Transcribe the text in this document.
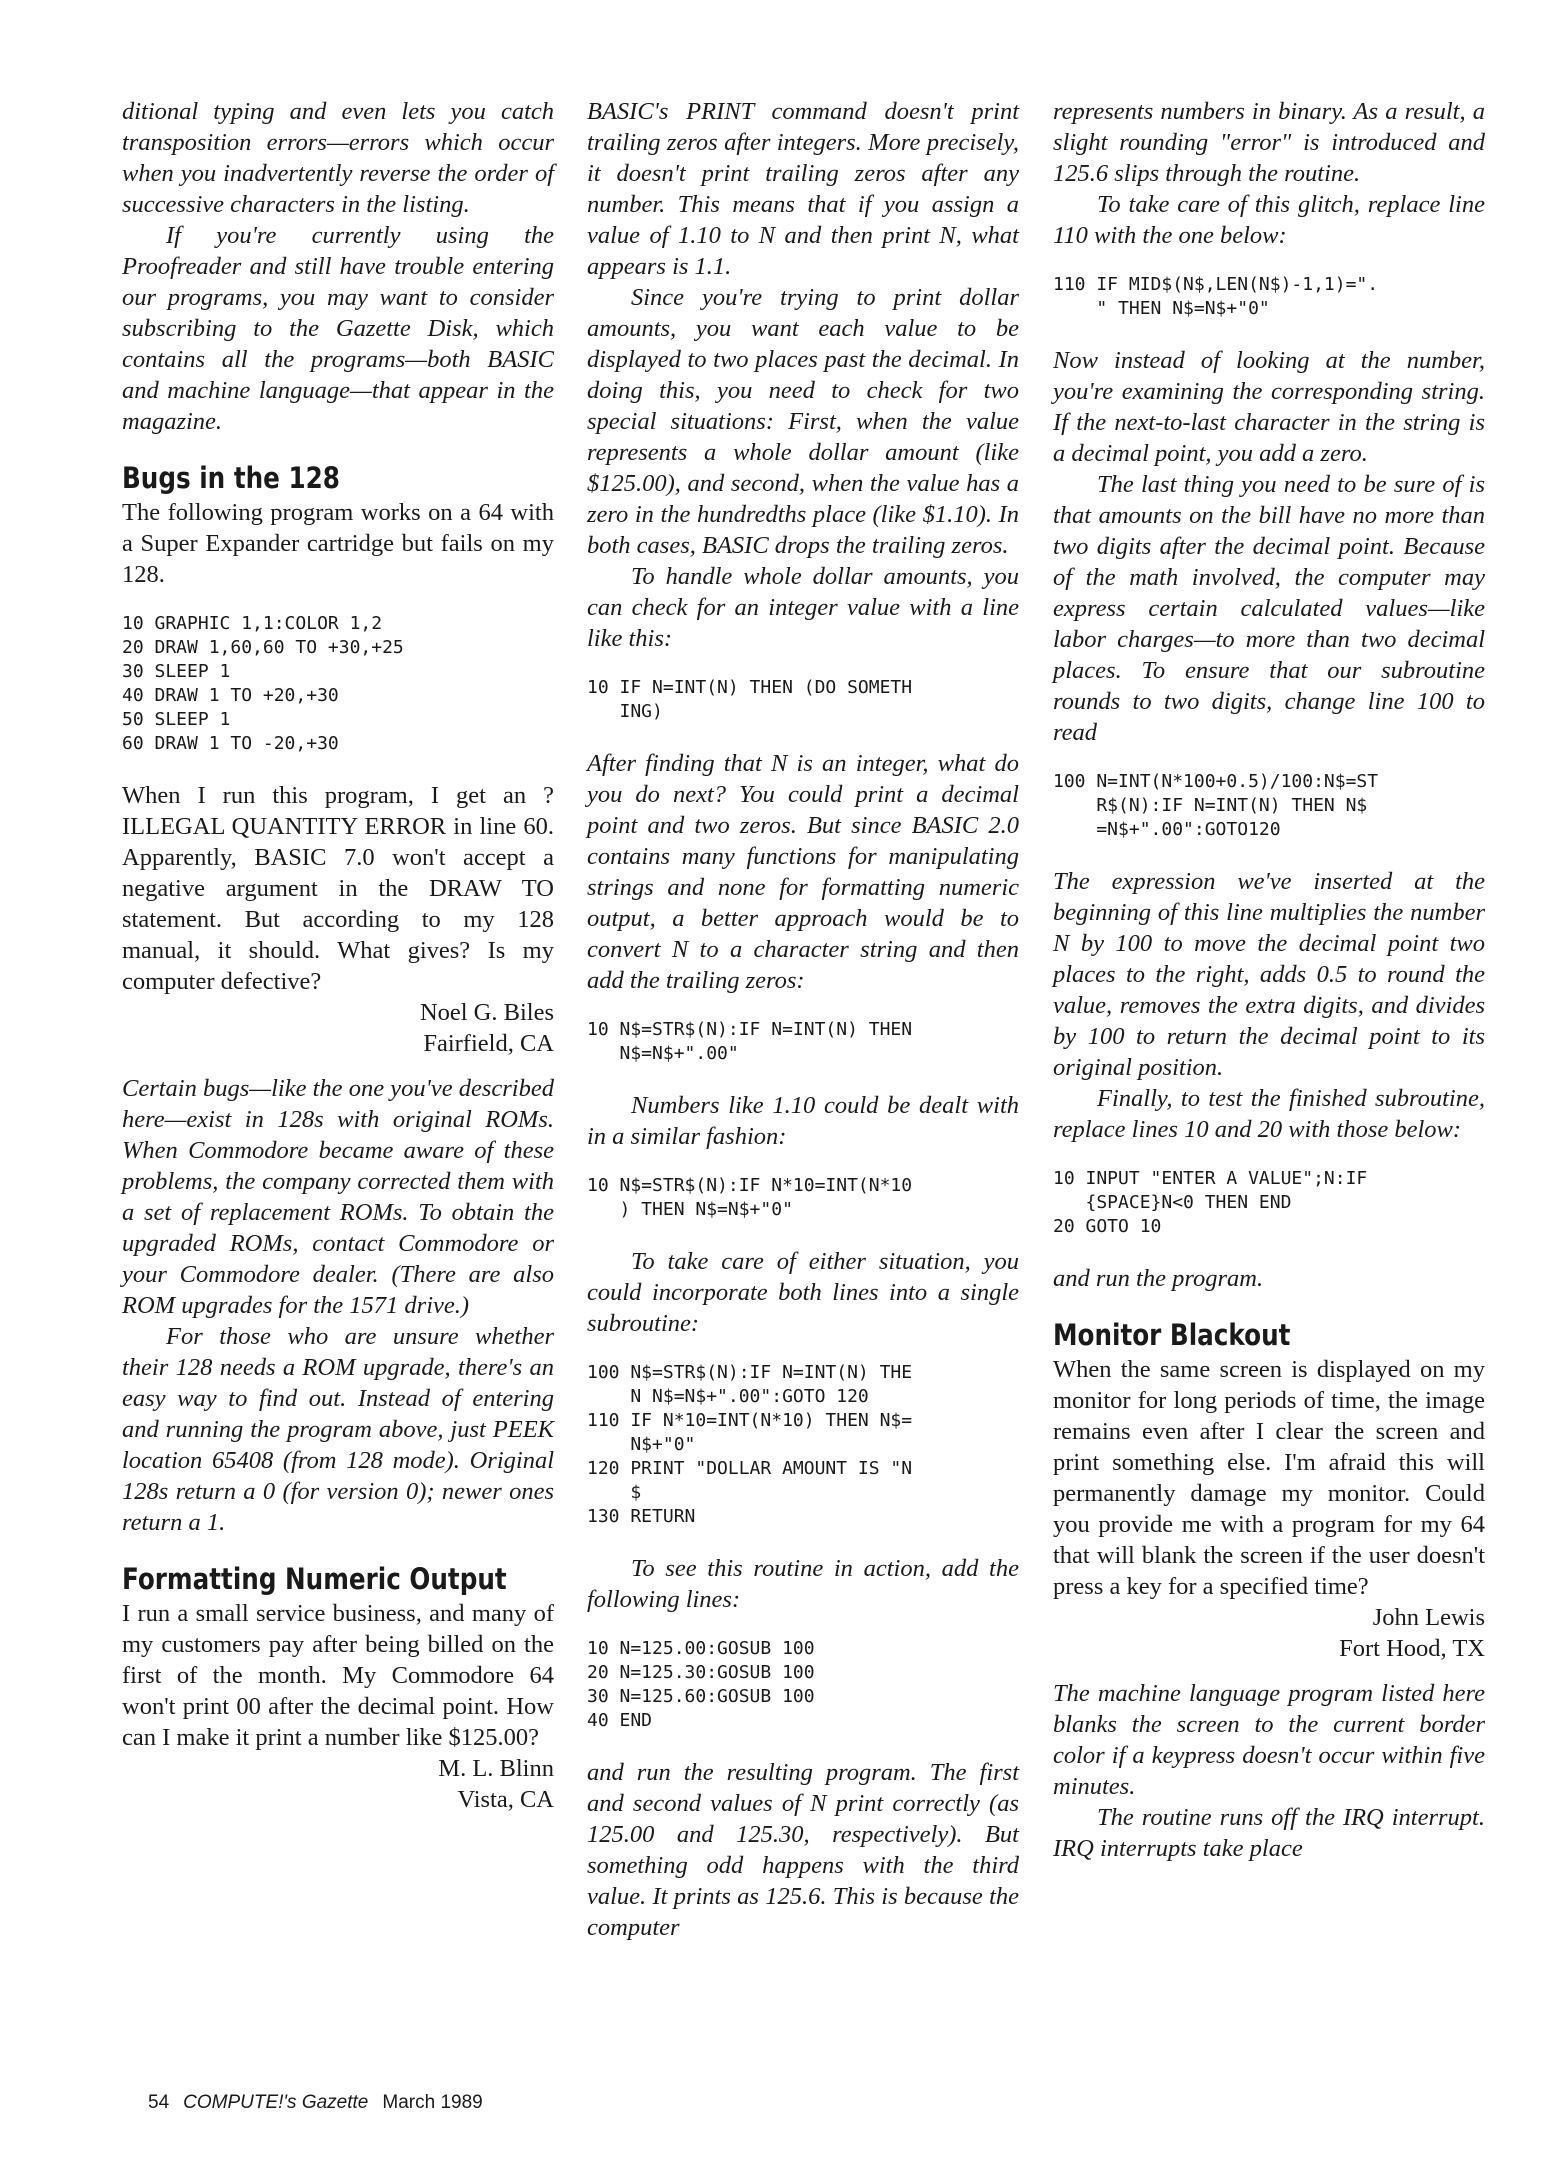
ditional typing and even lets you catch transposition errors—errors which occur when you inadvertently reverse the order of successive characters in the listing.

If you're currently using the Proofreader and still have trouble entering our programs, you may want to consider subscribing to the Gazette Disk, which contains all the programs—both BASIC and machine language—that appear in the magazine.

Bugs in the 128

The following program works on a 64 with a Super Expander cartridge but fails on my 128.

10 GRAPHIC 1,1:COLOR 1,2
20 DRAW 1,60,60 TO +30,+25
30 SLEEP 1
40 DRAW 1 TO +20,+30
50 SLEEP 1
60 DRAW 1 TO -20,+30

When I run this program, I get an ?ILLEGAL QUANTITY ERROR in line 60. Apparently, BASIC 7.0 won't accept a negative argument in the DRAW TO statement. But according to my 128 manual, it should. What gives? Is my computer defective?

Noel G. Biles

Fairfield, CA

Certain bugs—like the one you've described here—exist in 128s with original ROMs. When Commodore became aware of these problems, the company corrected them with a set of replacement ROMs. To obtain the upgraded ROMs, contact Commodore or your Commodore dealer. (There are also ROM upgrades for the 1571 drive.)

For those who are unsure whether their 128 needs a ROM upgrade, there's an easy way to find out. Instead of entering and running the program above, just PEEK location 65408 (from 128 mode). Original 128s return a 0 (for version 0); newer ones return a 1.

Formatting Numeric Output

I run a small service business, and many of my customers pay after being billed on the first of the month. My Commodore 64 won't print 00 after the decimal point. How can I make it print a number like $125.00?

M. L. Blinn

Vista, CA

BASIC's PRINT command doesn't print trailing zeros after integers. More precisely, it doesn't print trailing zeros after any number. This means that if you assign a value of 1.10 to N and then print N, what appears is 1.1.

Since you're trying to print dollar amounts, you want each value to be displayed to two places past the decimal. In doing this, you need to check for two special situations: First, when the value represents a whole dollar amount (like $125.00), and second, when the value has a zero in the hundredths place (like $1.10). In both cases, BASIC drops the trailing zeros.

To handle whole dollar amounts, you can check for an integer value with a line like this:

10 IF N=INT(N) THEN (DO SOMETH
ING)

After finding that N is an integer, what do you do next? You could print a decimal point and two zeros. But since BASIC 2.0 contains many functions for manipulating strings and none for formatting numeric output, a better approach would be to convert N to a character string and then add the trailing zeros:

10 N$=STR$(N):IF N=INT(N) THEN
N$=N$+".00"

Numbers like 1.10 could be dealt with in a similar fashion:

10 N$=STR$(N):IF N*10=INT(N*10
) THEN N$=N$+"0"

To take care of either situation, you could incorporate both lines into a single subroutine:

100 N$=STR$(N):IF N=INT(N) THE
N N$=N$+".00":GOTO 120
110 IF N*10=INT(N*10) THEN N$=
N$+"0"
120 PRINT "DOLLAR AMOUNT IS "N
$
130 RETURN

To see this routine in action, add the following lines:

10 N=125.00:GOSUB 100
20 N=125.30:GOSUB 100
30 N=125.60:GOSUB 100
40 END

and run the resulting program. The first and second values of N print correctly (as 125.00 and 125.30, respectively). But something odd happens with the third value. It prints as 125.6. This is because the computer

represents numbers in binary. As a result, a slight rounding "error" is introduced and 125.6 slips through the routine.

To take care of this glitch, replace line 110 with the one below:

110 IF MID$(N$,LEN(N$)-1,1)=".
" THEN N$=N$+"0"

Now instead of looking at the number, you're examining the corresponding string. If the next-to-last character in the string is a decimal point, you add a zero.

The last thing you need to be sure of is that amounts on the bill have no more than two digits after the decimal point. Because of the math involved, the computer may express certain calculated values—like labor charges—to more than two decimal places. To ensure that our subroutine rounds to two digits, change line 100 to read

100 N=INT(N*100+0.5)/100:N$=ST
R$(N):IF N=INT(N) THEN N$
=N$+".00":GOTO120

The expression we've inserted at the beginning of this line multiplies the number N by 100 to move the decimal point two places to the right, adds 0.5 to round the value, removes the extra digits, and divides by 100 to return the decimal point to its original position.

Finally, to test the finished subroutine, replace lines 10 and 20 with those below:

10 INPUT "ENTER A VALUE";N:IF
{SPACE}N<0 THEN END
20 GOTO 10

and run the program.

Monitor Blackout

When the same screen is displayed on my monitor for long periods of time, the image remains even after I clear the screen and print something else. I'm afraid this will permanently damage my monitor. Could you provide me with a program for my 64 that will blank the screen if the user doesn't press a key for a specified time?

John Lewis

Fort Hood, TX

The machine language program listed here blanks the screen to the current border color if a keypress doesn't occur within five minutes.

The routine runs off the IRQ interrupt. IRQ interrupts take place

54 COMPUTE!'s Gazette March 1989
